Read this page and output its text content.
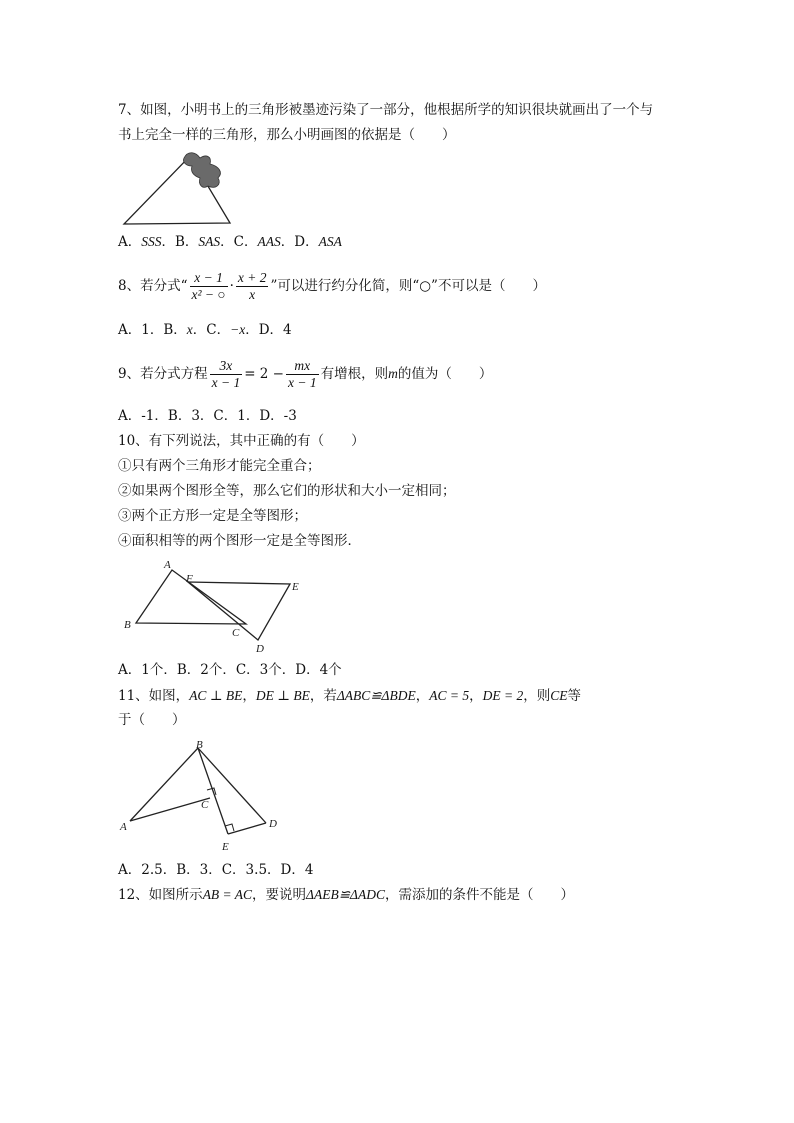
7、如图，小明书上的三角形被墨迹污染了一部分，他根据所学的知识很块就画出了一个与
书上完全一样的三角形，那么小明画图的依据是（　　）
A．SSS．B．SAS．C．AAS．D．ASA
8、若分式“ $\frac{x - 1}{\text{x² − ○}} \cdot \frac{x + 2}{x}$ ”可以进行约分化简，则“○”不可以是（　　）
A．1．B．x．C．−x．D．4
9、若分式方程 $\frac{3x}{x - 1} = 2 - \frac{mx}{x - 1}$ 有增根，则m的值为（　　）
A．-1．B．3．C．1．D．-3
10、有下列说法，其中正确的有（　　）
①只有两个三角形才能完全重合；
②如果两个图形全等，那么它们的形状和大小一定相同；
③两个正方形一定是全等图形；
④面积相等的两个图形一定是全等图形．
A
F
E
B
C
D
A．1个．B．2个．C．3个．D．4个
11、如图，AC ⊥ BE，DE ⊥ BE，若ΔABC≌ΔBDE，AC = 5，DE = 2，则CE等
于（　　）
B
C
A
E
D
A．2.5．B．3．C．3.5．D．4
12、如图所示AB = AC，要说明ΔAEB≌ΔADC，需添加的条件不能是（　　）
